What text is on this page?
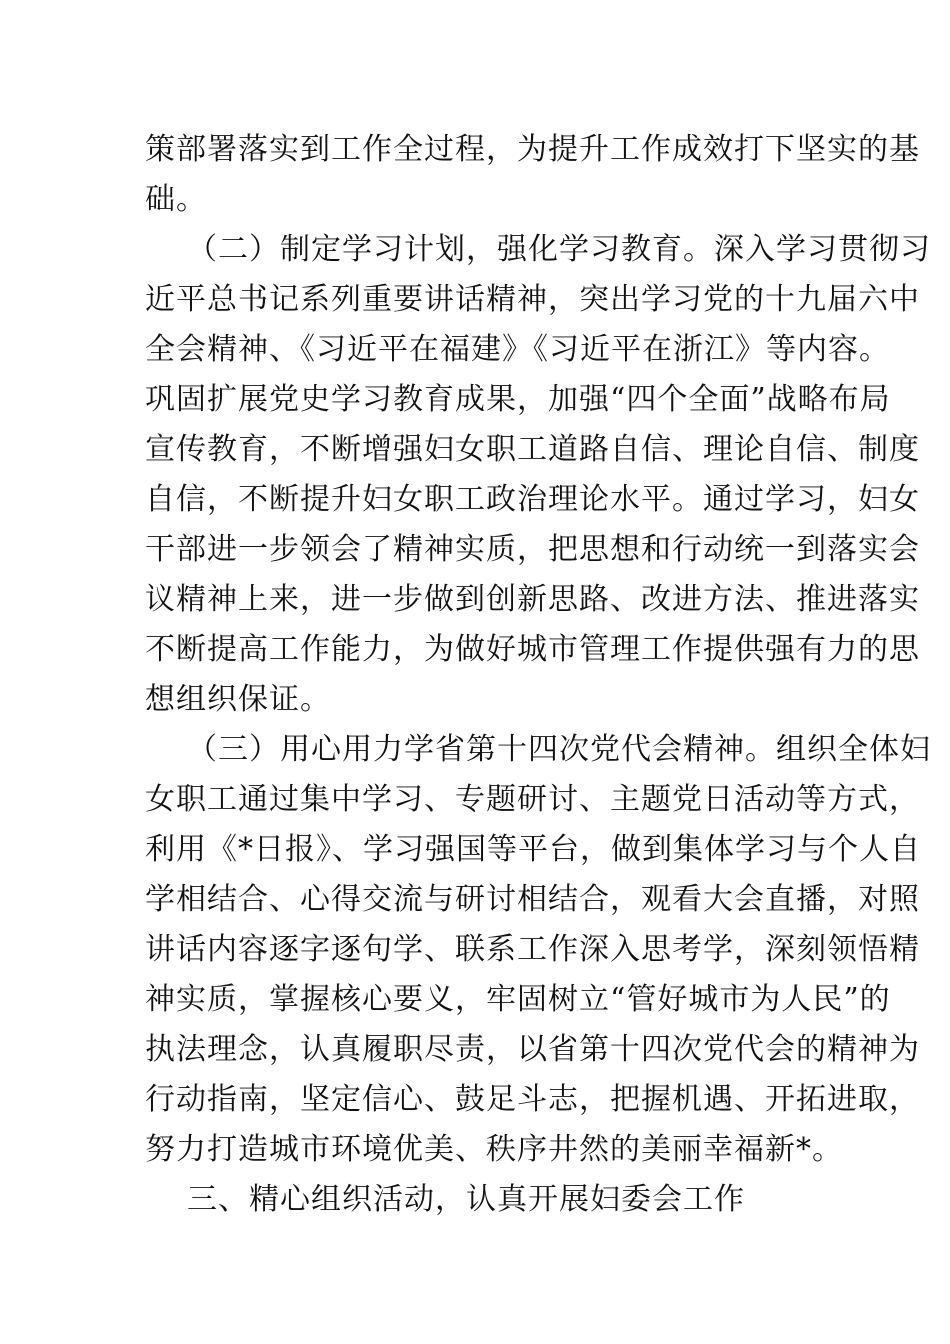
策部署落实到工作全过程，为提升工作成效打下坚实的基
础。
（二）制定学习计划，强化学习教育。深入学习贯彻习
近平总书记系列重要讲话精神，突出学习党的十九届六中
全会精神、《习近平在福建》《习近平在浙江》等内容。
巩固扩展党史学习教育成果，加强“四个全面”战略布局
宣传教育，不断增强妇女职工道路自信、理论自信、制度
自信，不断提升妇女职工政治理论水平。通过学习，妇女
干部进一步领会了精神实质，把思想和行动统一到落实会
议精神上来，进一步做到创新思路、改进方法、推进落实
不断提高工作能力，为做好城市管理工作提供强有力的思
想组织保证。
（三）用心用力学省第十四次党代会精神。组织全体妇
女职工通过集中学习、专题研讨、主题党日活动等方式，
利用《*日报》、学习强国等平台，做到集体学习与个人自
学相结合、心得交流与研讨相结合，观看大会直播，对照
讲话内容逐字逐句学、联系工作深入思考学，深刻领悟精
神实质，掌握核心要义，牢固树立“管好城市为人民”的
执法理念，认真履职尽责，以省第十四次党代会的精神为
行动指南，坚定信心、鼓足斗志，把握机遇、开拓进取，
努力打造城市环境优美、秩序井然的美丽幸福新*。
三、精心组织活动，认真开展妇委会工作
